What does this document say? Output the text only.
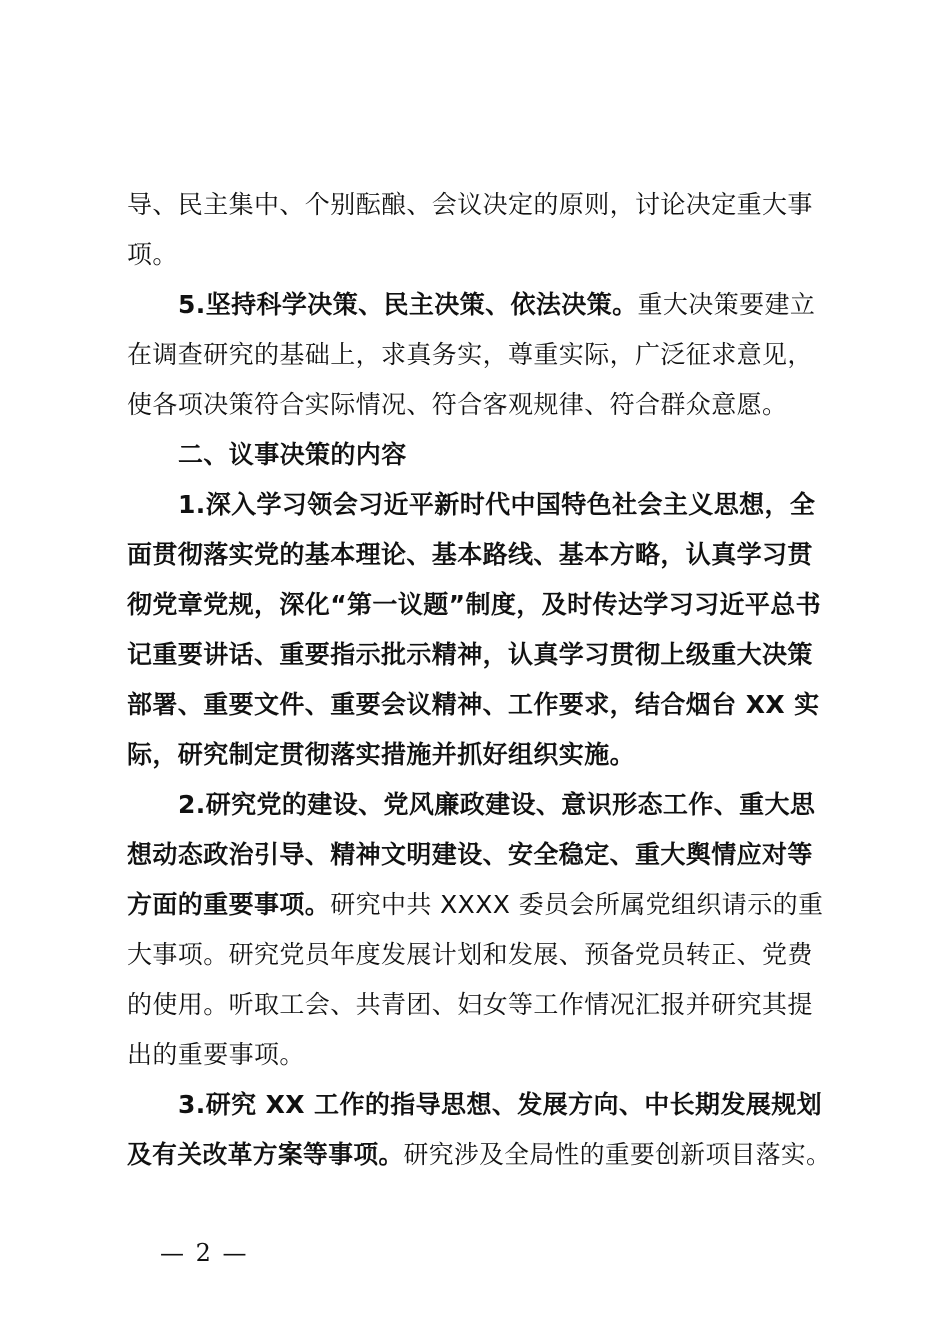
导、民主集中、个别酝酿、会议决定的原则，讨论决定重大事
项。
5.坚持科学决策、民主决策、依法决策。重大决策要建立
在调查研究的基础上，求真务实，尊重实际，广泛征求意见，
使各项决策符合实际情况、符合客观规律、符合群众意愿。
二、议事决策的内容
1.深入学习领会习近平新时代中国特色社会主义思想，全
面贯彻落实党的基本理论、基本路线、基本方略，认真学习贯
彻党章党规，深化“第一议题”制度，及时传达学习习近平总书
记重要讲话、重要指示批示精神，认真学习贯彻上级重大决策
部署、重要文件、重要会议精神、工作要求，结合烟台 XX 实
际，研究制定贯彻落实措施并抓好组织实施。
2.研究党的建设、党风廉政建设、意识形态工作、重大思
想动态政治引导、精神文明建设、安全稳定、重大舆情应对等
方面的重要事项。研究中共 XXXX 委员会所属党组织请示的重
大事项。研究党员年度发展计划和发展、预备党员转正、党费
的使用。听取工会、共青团、妇女等工作情况汇报并研究其提
出的重要事项。
3.研究 XX 工作的指导思想、发展方向、中长期发展规划
及有关改革方案等事项。研究涉及全局性的重要创新项目落实。
— 2 —
